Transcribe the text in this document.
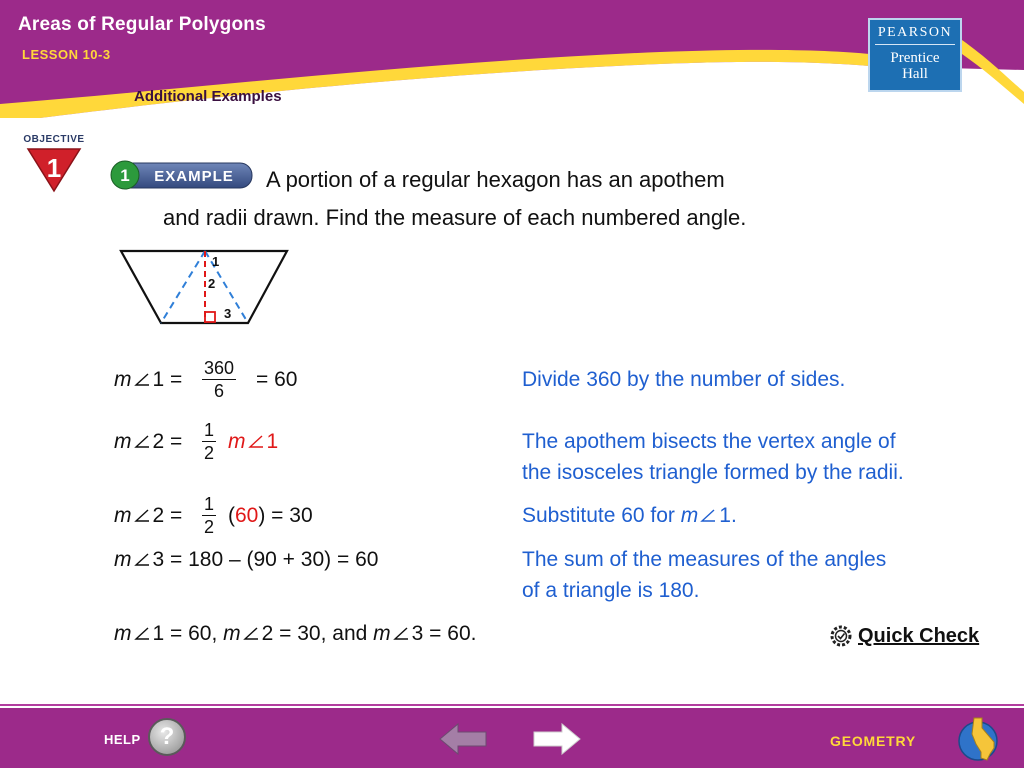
Areas of Regular Polygons
LESSON 10-3
Additional Examples
PEARSON
Prentice
Hall
OBJECTIVE
1	1 EXAMPLE A portion of a regular hexagon has an apothem
and radii drawn. Find the measure of each numbered angle.
1
2
3
m 1 = 360
6	= 60	Divide 360 by the number of sides.
m 2 = 1
2 m 1	The apothem bisects the vertex angle of
the isosceles triangle formed by the radii.
m 2 = 1
2 (60) = 30	Substitute 60 for m 1.
m 3 = 180 – (90 + 30) = 60	The sum of the measures of the angles
of a triangle is 180.
m 1 = 60, m 2 = 30, and m 3 = 60.	Quick Check
HELP ?	GEOMETRY
